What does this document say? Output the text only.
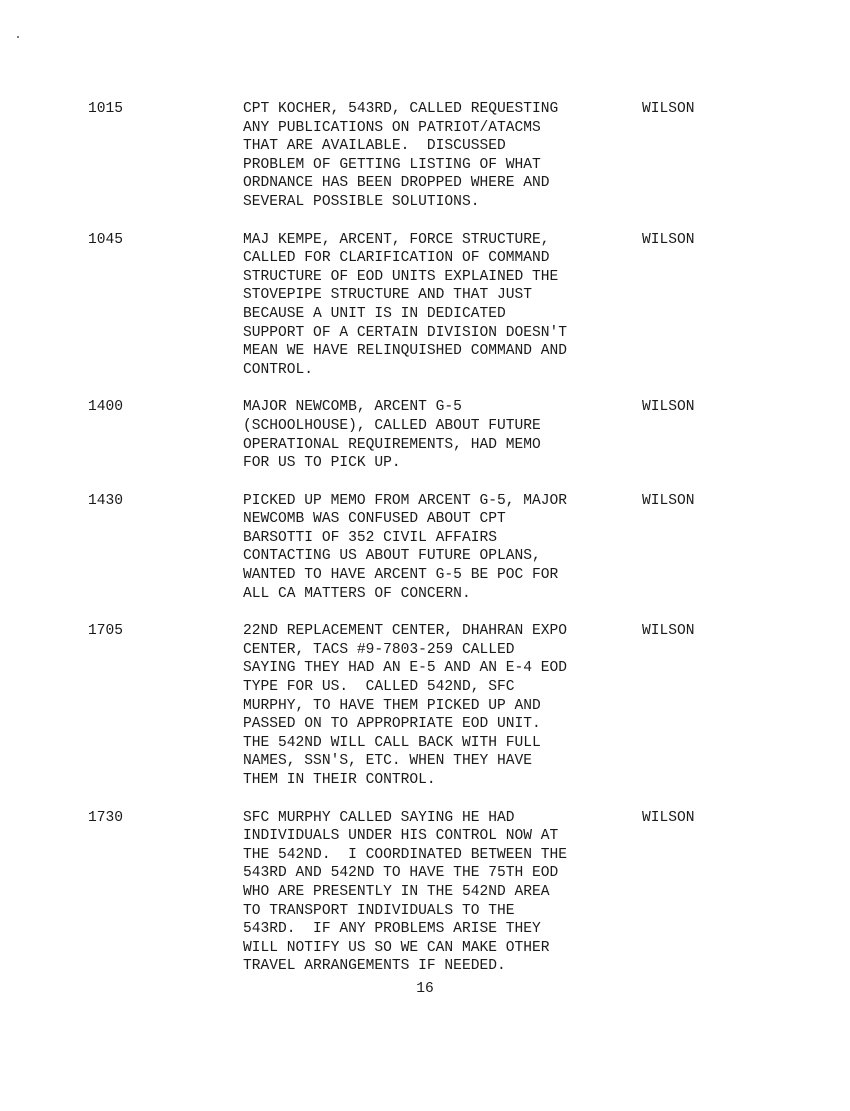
1015	CPT KOCHER, 543RD, CALLED REQUESTING
ANY PUBLICATIONS ON PATRIOT/ATACMS
THAT ARE AVAILABLE.  DISCUSSED
PROBLEM OF GETTING LISTING OF WHAT
ORDNANCE HAS BEEN DROPPED WHERE AND
SEVERAL POSSIBLE SOLUTIONS.
WILSON
1045	MAJ KEMPE, ARCENT, FORCE STRUCTURE,
CALLED FOR CLARIFICATION OF COMMAND
STRUCTURE OF EOD UNITS EXPLAINED THE
STOVEPIPE STRUCTURE AND THAT JUST
BECAUSE A UNIT IS IN DEDICATED
SUPPORT OF A CERTAIN DIVISION DOESN'T
MEAN WE HAVE RELINQUISHED COMMAND AND
CONTROL.
WILSON
1400	MAJOR NEWCOMB, ARCENT G-5
(SCHOOLHOUSE), CALLED ABOUT FUTURE
OPERATIONAL REQUIREMENTS, HAD MEMO
FOR US TO PICK UP.
WILSON
1430	PICKED UP MEMO FROM ARCENT G-5, MAJOR
NEWCOMB WAS CONFUSED ABOUT CPT
BARSOTTI OF 352 CIVIL AFFAIRS
CONTACTING US ABOUT FUTURE OPLANS,
WANTED TO HAVE ARCENT G-5 BE POC FOR
ALL CA MATTERS OF CONCERN.
WILSON
1705	22ND REPLACEMENT CENTER, DHAHRAN EXPO
CENTER, TACS #9-7803-259 CALLED
SAYING THEY HAD AN E-5 AND AN E-4 EOD
TYPE FOR US.  CALLED 542ND, SFC
MURPHY, TO HAVE THEM PICKED UP AND
PASSED ON TO APPROPRIATE EOD UNIT.
THE 542ND WILL CALL BACK WITH FULL
NAMES, SSN'S, ETC. WHEN THEY HAVE
THEM IN THEIR CONTROL.
WILSON
1730	SFC MURPHY CALLED SAYING HE HAD
INDIVIDUALS UNDER HIS CONTROL NOW AT
THE 542ND.  I COORDINATED BETWEEN THE
543RD AND 542ND TO HAVE THE 75TH EOD
WHO ARE PRESENTLY IN THE 542ND AREA
TO TRANSPORT INDIVIDUALS TO THE
543RD.  IF ANY PROBLEMS ARISE THEY
WILL NOTIFY US SO WE CAN MAKE OTHER
TRAVEL ARRANGEMENTS IF NEEDED.
WILSON
16
